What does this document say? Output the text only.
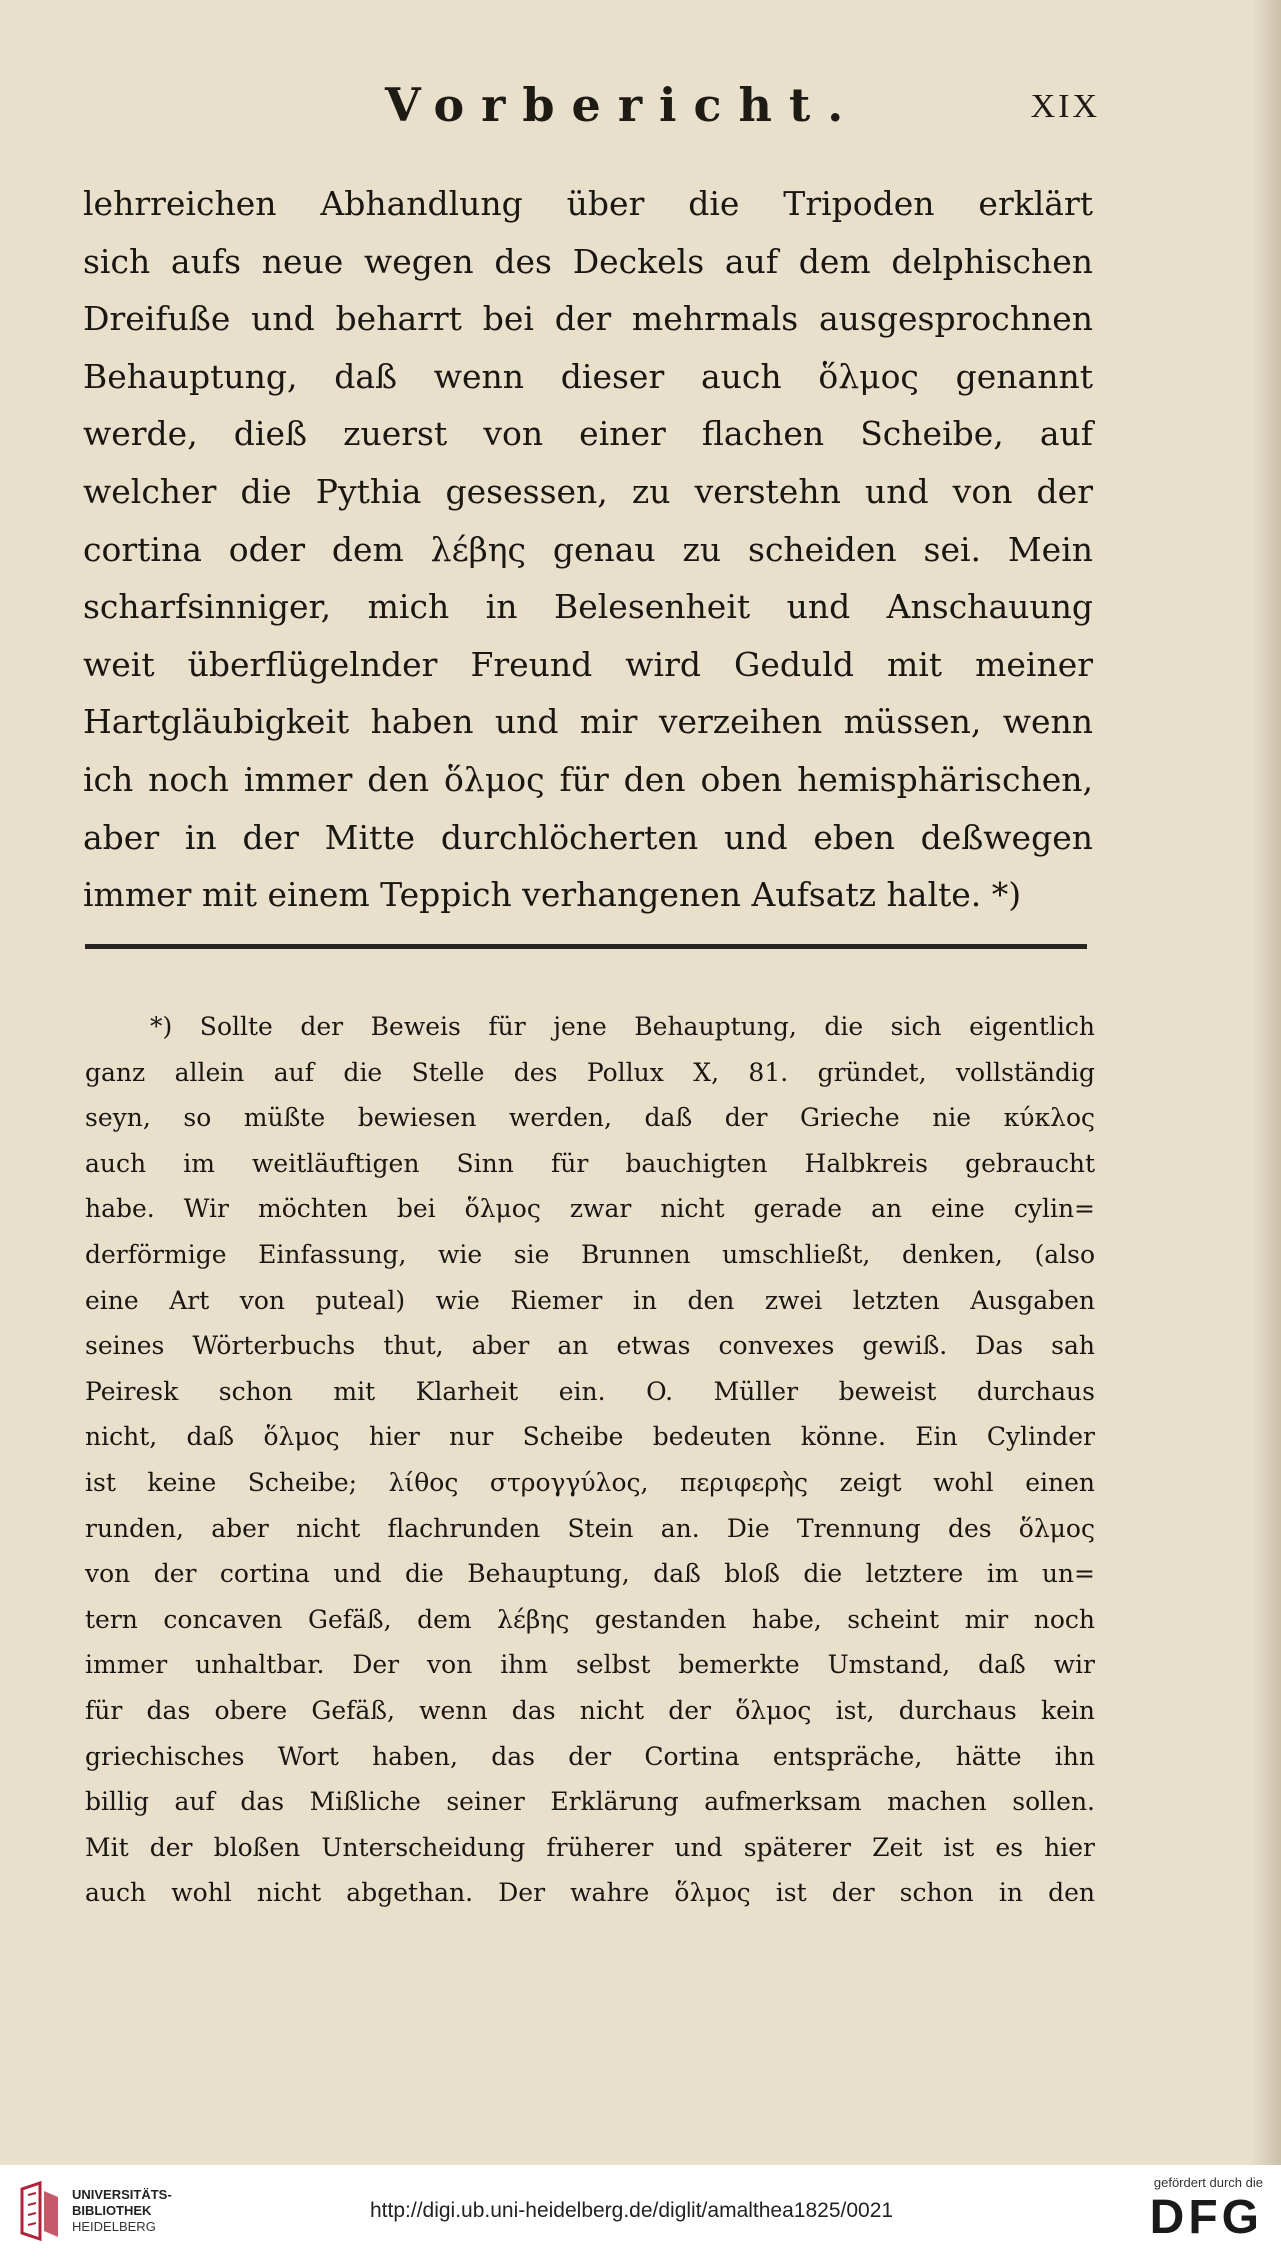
Vorbericht.	XIX
lehrreichen Abhandlung über die Tripoden erklärt
sich aufs neue wegen des Deckels auf dem delphischen
Dreifuße und beharrt bei der mehrmals ausgesprochnen
Behauptung, daß wenn dieser auch ὅλμος genannt
werde, dieß zuerst von einer flachen Scheibe, auf
welcher die Pythia gesessen, zu verstehn und von der
cortina oder dem λέβης genau zu scheiden sei. Mein
scharfsinniger, mich in Belesenheit und Anschauung
weit überflügelnder Freund wird Geduld mit meiner
Hartgläubigkeit haben und mir verzeihen müssen, wenn
ich noch immer den ὅλμος für den oben hemisphärischen,
aber in der Mitte durchlöcherten und eben deßwegen
immer mit einem Teppich verhangenen Aufsatz halte. *)
*) Sollte der Beweis für jene Behauptung, die sich eigentlich
ganz allein auf die Stelle des Pollux X, 81. gründet, vollständig
seyn, so müßte bewiesen werden, daß der Grieche nie κύκλος
auch im weitläuftigen Sinn für bauchigten Halbkreis gebraucht
habe. Wir möchten bei ὅλμος zwar nicht gerade an eine cylin=
derförmige Einfassung, wie sie Brunnen umschließt, denken, (also
eine Art von puteal) wie Riemer in den zwei letzten Ausgaben
seines Wörterbuchs thut, aber an etwas convexes gewiß. Das sah
Peiresk schon mit Klarheit ein. O. Müller beweist durchaus
nicht, daß ὅλμος hier nur Scheibe bedeuten könne. Ein Cylinder
ist keine Scheibe; λίθος στρογγύλος, περιφερὴς zeigt wohl einen
runden, aber nicht flachrunden Stein an. Die Trennung des ὅλμος
von der cortina und die Behauptung, daß bloß die letztere im un=
tern concaven Gefäß, dem λέβης gestanden habe, scheint mir noch
immer unhaltbar. Der von ihm selbst bemerkte Umstand, daß wir
für das obere Gefäß, wenn das nicht der ὅλμος ist, durchaus kein
griechisches Wort haben, das der Cortina entspräche, hätte ihn
billig auf das Mißliche seiner Erklärung aufmerksam machen sollen.
Mit der bloßen Unterscheidung früherer und späterer Zeit ist es hier
auch wohl nicht abgethan. Der wahre ὅλμος ist der schon in den
UNIVERSITÄTS-
BIBLIOTHEK
HEIDELBERG
http://digi.ub.uni-heidelberg.de/diglit/amalthea1825/0021
gefördert durch die
DFG
